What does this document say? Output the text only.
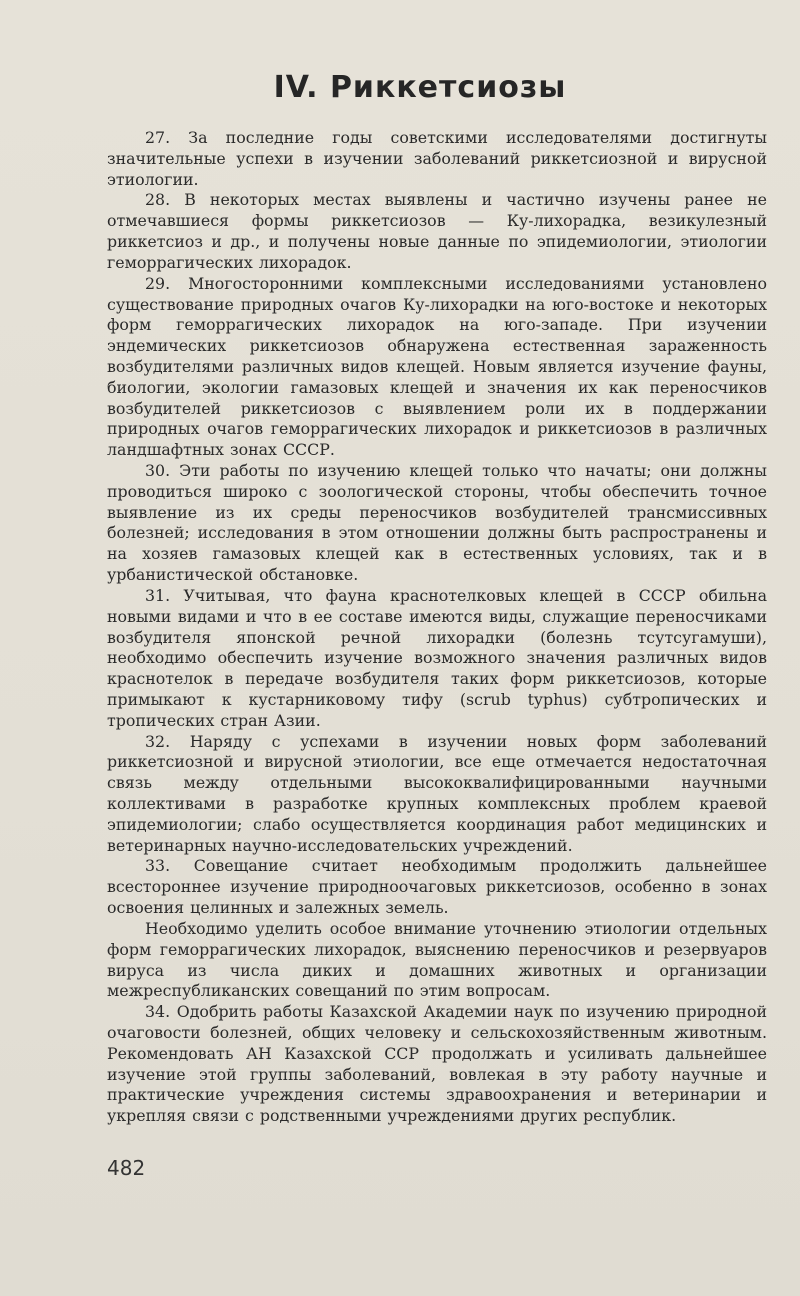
IV. Риккетсиозы

27. За последние годы советскими исследователями достигнуты значительные успехи в изучении заболеваний риккетсиозной и вирусной этиологии.

28. В некоторых местах выявлены и частично изучены ранее не отмечавшиеся формы риккетсиозов — Ку-лихорадка, везикулезный риккетсиоз и др., и получены новые данные по эпидемиологии, этиологии геморрагических лихорадок.

29. Многосторонними комплексными исследованиями установлено существование природных очагов Ку-лихорадки на юго-востоке и некоторых форм геморрагических лихорадок на юго-западе. При изучении эндемических риккетсиозов обнаружена естественная зараженность возбудителями различных видов клещей. Новым является изучение фауны, биологии, экологии гамазовых клещей и значения их как переносчиков возбудителей риккетсиозов с выявлением роли их в поддержании природных очагов геморрагических лихорадок и риккетсиозов в различных ландшафтных зонах СССР.

30. Эти работы по изучению клещей только что начаты; они должны проводиться широко с зоологической стороны, чтобы обеспечить точное выявление из их среды переносчиков возбудителей трансмиссивных болезней; исследования в этом отношении должны быть распространены и на хозяев гамазовых клещей как в естественных условиях, так и в урбанистической обстановке.

31. Учитывая, что фауна краснотелковых клещей в СССР обильна новыми видами и что в ее составе имеются виды, служащие переносчиками возбудителя японской речной лихорадки (болезнь тсутсугамуши), необходимо обеспечить изучение возможного значения различных видов краснотелок в передаче возбудителя таких форм риккетсиозов, которые примыкают к кустарниковому тифу (scrub typhus) субтропических и тропических стран Азии.

32. Наряду с успехами в изучении новых форм заболеваний риккетсиозной и вирусной этиологии, все еще отмечается недостаточная связь между отдельными высококвалифицированными научными коллективами в разработке крупных комплексных проблем краевой эпидемиологии; слабо осуществляется координация работ медицинских и ветеринарных научно-исследовательских учреждений.

33. Совещание считает необходимым продолжить дальнейшее всестороннее изучение природноочаговых риккетсиозов, особенно в зонах освоения целинных и залежных земель.

Необходимо уделить особое внимание уточнению этиологии отдельных форм геморрагических лихорадок, выяснению переносчиков и резервуаров вируса из числа диких и домашних животных и организации межреспубликанских совещаний по этим вопросам.

34. Одобрить работы Казахской Академии наук по изучению природной очаговости болезней, общих человеку и сельскохозяйственным животным. Рекомендовать АН Казахской ССР продолжать и усиливать дальнейшее изучение этой группы заболеваний, вовлекая в эту работу научные и практические учреждения системы здравоохранения и ветеринарии и укрепляя связи с родственными учреждениями других республик.

482
